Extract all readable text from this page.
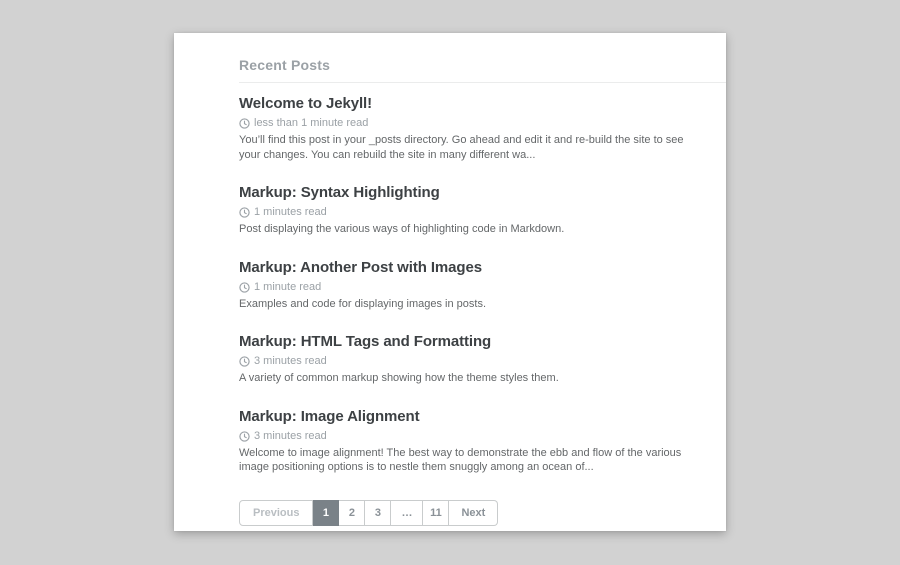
Recent Posts
Welcome to Jekyll!
less than 1 minute read

You’ll find this post in your _posts directory. Go ahead and edit it and re-build the site to see your changes. You can rebuild the site in many different wa...

Markup: Syntax Highlighting
1 minutes read

Post displaying the various ways of highlighting code in Markdown.

Markup: Another Post with Images
1 minute read

Examples and code for displaying images in posts.

Markup: HTML Tags and Formatting
3 minutes read

A variety of common markup showing how the theme styles them.

Markup: Image Alignment
3 minutes read

Welcome to image alignment! The best way to demonstrate the ebb and flow of the various image positioning options is to nestle them snuggly among an ocean of...

Previous	1	2	3	…	11	Next
